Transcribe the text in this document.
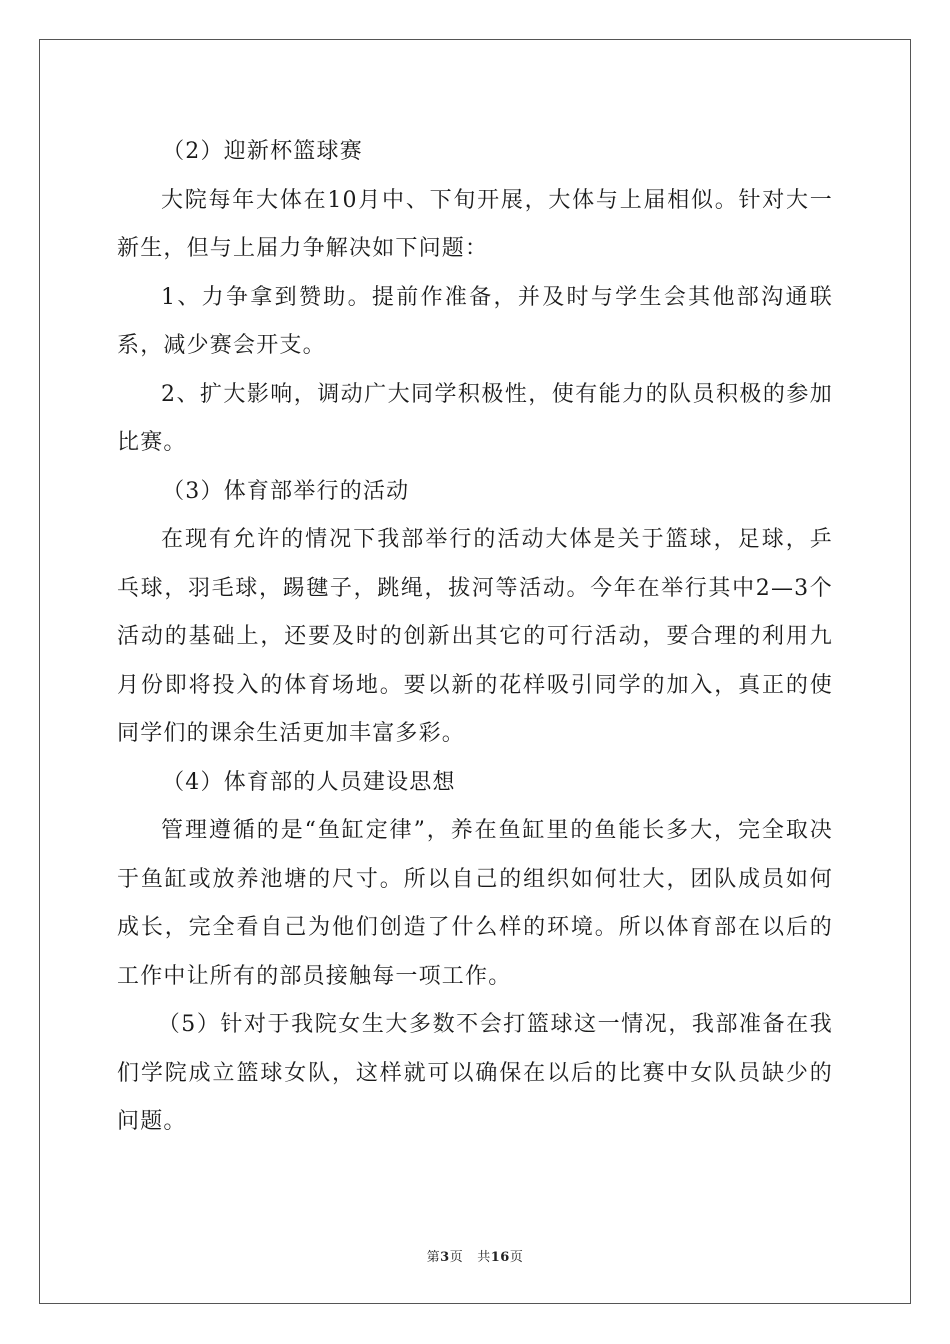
（2）迎新杯篮球赛

大院每年大体在10月中、下旬开展，大体与上届相似。针对大一新生，但与上届力争解决如下问题：

1、力争拿到赞助。提前作准备，并及时与学生会其他部沟通联系，减少赛会开支。

2、扩大影响，调动广大同学积极性，使有能力的队员积极的参加比赛。

（3）体育部举行的活动

在现有允许的情况下我部举行的活动大体是关于篮球，足球，乒乓球，羽毛球，踢毽子，跳绳，拔河等活动。今年在举行其中2—3个活动的基础上，还要及时的创新出其它的可行活动，要合理的利用九月份即将投入的体育场地。要以新的花样吸引同学的加入，真正的使同学们的课余生活更加丰富多彩。

（4）体育部的人员建设思想

管理遵循的是“鱼缸定律”，养在鱼缸里的鱼能长多大，完全取决于鱼缸或放养池塘的尺寸。所以自己的组织如何壮大，团队成员如何成长，完全看自己为他们创造了什么样的环境。所以体育部在以后的工作中让所有的部员接触每一项工作。

（5）针对于我院女生大多数不会打篮球这一情况，我部准备在我们学院成立篮球女队，这样就可以确保在以后的比赛中女队员缺少的问题。

第3页 共16页
